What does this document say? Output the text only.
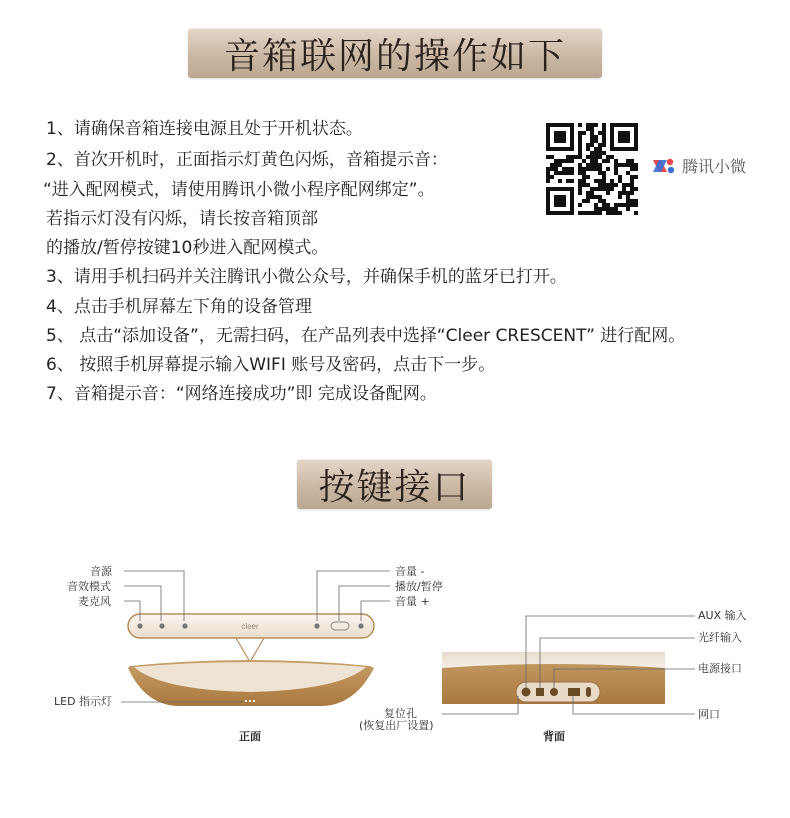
音箱联网的操作如下
1、请确保音箱连接电源且处于开机状态。
2、首次开机时，正面指示灯黄色闪烁，音箱提示音：
“进入配网模式，请使用腾讯小微小程序配网绑定”。
若指示灯没有闪烁，请长按音箱顶部
的播放/暂停按键10秒进入配网模式。
3、请用手机扫码并关注腾讯小微公众号，并确保手机的蓝牙已打开。
4、点击手机屏幕左下角的设备管理
5、 点击“添加设备”，无需扫码，在产品列表中选择“Cleer CRESCENT” 进行配网。
6、 按照手机屏幕提示输入WIFI 账号及密码，点击下一步。
7、音箱提示音：“网络连接成功”即 完成设备配网。
腾讯小微
按键接口
cleer
音源
音效模式
麦克风
音量 -
播放/暂停
音量 +
LED 指示灯
正面
AUX 输入
光纤输入
电源接口
网口
复位孔
(恢复出厂设置)
背面
